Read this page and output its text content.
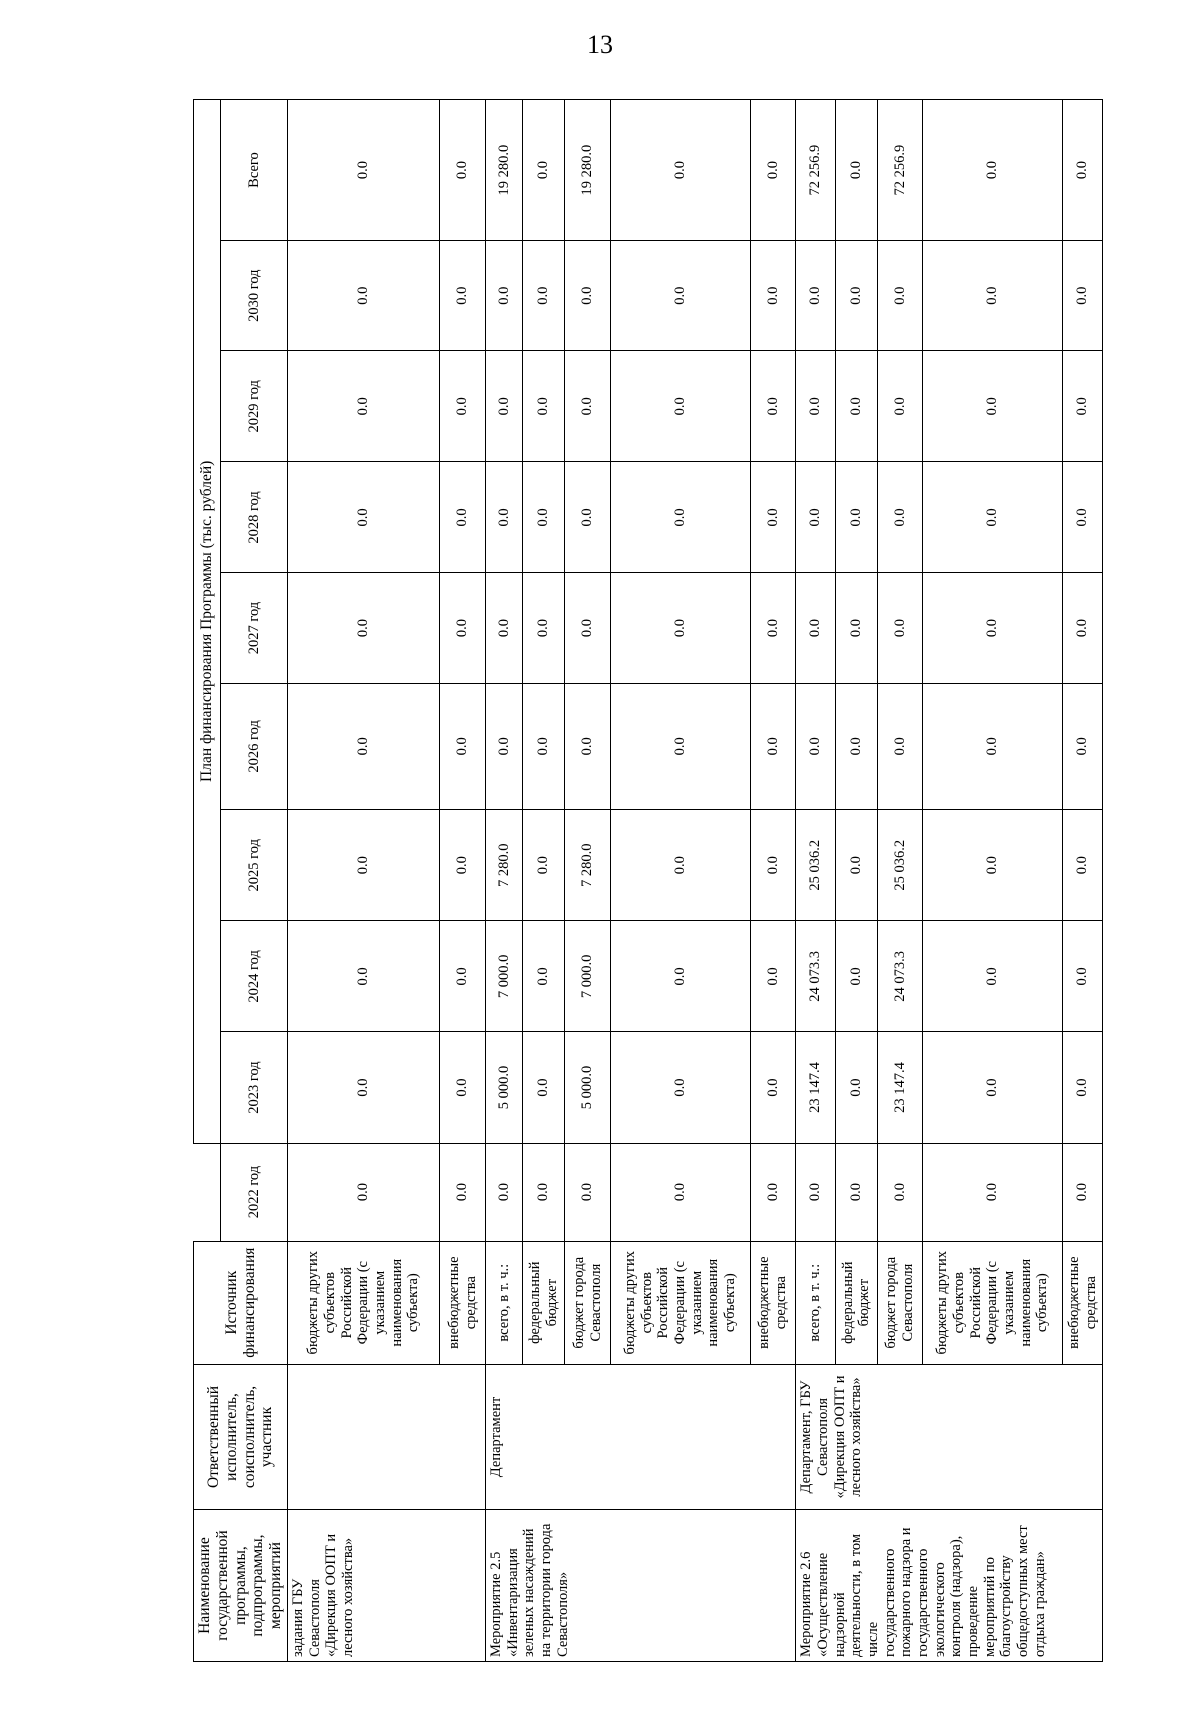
13
Наименование государственной программы, подпрограммы, мероприятий	Ответственный исполнитель, соисполнитель, участник	Источник финансирования		План финансирования Программы (тыс. рублей)								
			2022 год	2023 год	2024 год	2025 год	2026 год	2027 год	2028 год	2029 год	2030 год	Всего
задания ГБУ Севастополя «Дирекция ООПТ и лесного хозяйства»		бюджеты других субъектов Российской Федерации (с указанием наименования субъекта)	0.0	0.0	0.0	0.0	0.0	0.0	0.0	0.0	0.0	0.0
		внебюджетные средства	0.0	0.0	0.0	0.0	0.0	0.0	0.0	0.0	0.0	0.0
Мероприятие 2.5 «Инвентаризация зеленых насаждений на территории города Севастополя»	Департамент	всего, в т. ч.:	0.0	5 000.0	7 000.0	7 280.0	0.0	0.0	0.0	0.0	0.0	19 280.0
		федеральный бюджет	0.0	0.0	0.0	0.0	0.0	0.0	0.0	0.0	0.0	0.0
		бюджет города Севастополя	0.0	5 000.0	7 000.0	7 280.0	0.0	0.0	0.0	0.0	0.0	19 280.0
		бюджеты других субъектов Российской Федерации (с указанием наименования субъекта)	0.0	0.0	0.0	0.0	0.0	0.0	0.0	0.0	0.0	0.0
		внебюджетные средства	0.0	0.0	0.0	0.0	0.0	0.0	0.0	0.0	0.0	0.0
Мероприятие 2.6 «Осуществление надзорной деятельности, в том числе государственного пожарного надзора и государственного экологического контроля (надзора), проведение мероприятий по благоустройству общедоступных мест отдыха граждан»	Департамент, ГБУ Севастополя «Дирекция ООПТ и лесного хозяйства»	всего, в т. ч.:	0.0	23 147.4	24 073.3	25 036.2	0.0	0.0	0.0	0.0	0.0	72 256.9
		федеральный бюджет	0.0	0.0	0.0	0.0	0.0	0.0	0.0	0.0	0.0	0.0
		бюджет города Севастополя	0.0	23 147.4	24 073.3	25 036.2	0.0	0.0	0.0	0.0	0.0	72 256.9
		бюджеты других субъектов Российской Федерации (с указанием наименования субъекта)	0.0	0.0	0.0	0.0	0.0	0.0	0.0	0.0	0.0	0.0
		внебюджетные средства	0.0	0.0	0.0	0.0	0.0	0.0	0.0	0.0	0.0	0.0
